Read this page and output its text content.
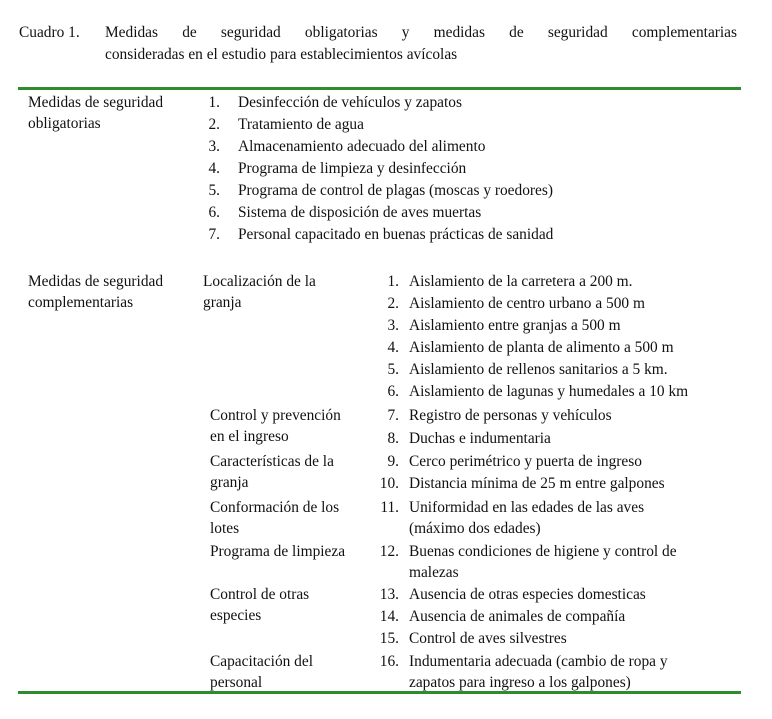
Cuadro 1.	Medidas de seguridad obligatorias y medidas de seguridad complementarias
consideradas en el estudio para establecimientos avícolas
Medidas de seguridad
obligatorias
1. Desinfección de vehículos y zapatos
2. Tratamiento de agua
3. Almacenamiento adecuado del alimento
4. Programa de limpieza y desinfección
5. Programa de control de plagas (moscas y roedores)
6. Sistema de disposición de aves muertas
7. Personal capacitado en buenas prácticas de sanidad
Medidas de seguridad
complementarias
Localización de la
granja
Control y prevención
en el ingreso
Características de la
granja
Conformación de los
lotes
Programa de limpieza
Control de otras
especies
Capacitación del
personal
1. Aislamiento de la carretera a 200 m.
2. Aislamiento de centro urbano a 500 m
3. Aislamiento entre granjas a 500 m
4. Aislamiento de planta de alimento a 500 m
5. Aislamiento de rellenos sanitarios a 5 km.
6. Aislamiento de lagunas y humedales a 10 km
7. Registro de personas y vehículos
8. Duchas e indumentaria
9. Cerco perimétrico y puerta de ingreso
10. Distancia mínima de 25 m entre galpones
11. Uniformidad en las edades de las aves
(máximo dos edades)
12. Buenas condiciones de higiene y control de
malezas
13. Ausencia de otras especies domesticas
14. Ausencia de animales de compañía
15. Control de aves silvestres
16. Indumentaria adecuada (cambio de ropa y
zapatos para ingreso a los galpones)
